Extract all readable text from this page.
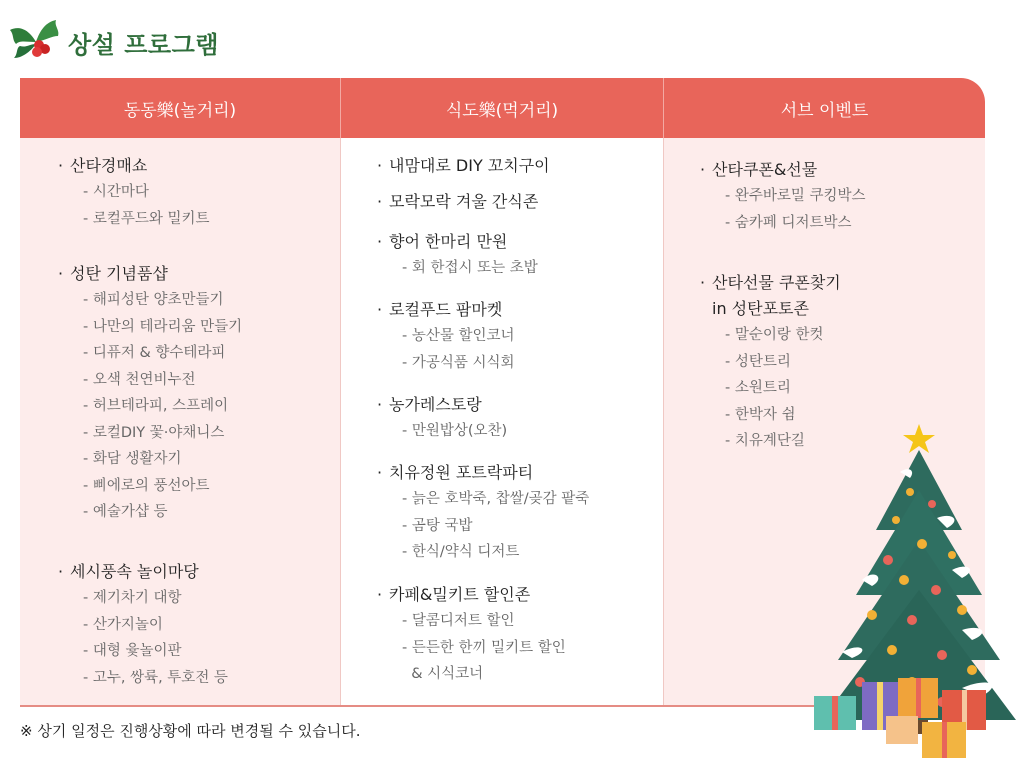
상설 프로그램
동동樂(놀거리)	식도樂(먹거리)	서브 이벤트
· 산타경매쇼
- 시간마다
- 로컬푸드와 밀키트
· 성탄 기념품샵
- 해피성탄 양초만들기
- 나만의 테라리움 만들기
- 디퓨저 & 향수테라피
- 오색 천연비누전
- 허브테라피, 스프레이
- 로컬DIY 꽃·야채니스
- 화담 생활자기
- 삐에로의 풍선아트
- 예술가샵 등
· 세시풍속 놀이마당
- 제기차기 대항
- 산가지놀이
- 대형 윷놀이판
- 고누, 쌍륙, 투호전 등
· 내맘대로 DIY 꼬치구이
· 모락모락 겨울 간식존
· 향어 한마리 만원
- 회 한접시 또는 초밥
· 로컬푸드 팜마켓
- 농산물 할인코너
- 가공식품 시식회
· 농가레스토랑
- 만원밥상(오찬)
· 치유정원 포트락파티
- 늙은 호박죽, 찹쌀/곶감 팥죽
- 곰탕 국밥
- 한식/약식 디저트
· 카페&밀키트 할인존
- 달콤디저트 할인
- 든든한 한끼 밀키트 할인
& 시식코너
· 산타쿠폰&선물
- 완주바로밀 쿠킹박스
- 숨카페 디저트박스
· 산타선물 쿠폰찾기
in 성탄포토존
- 말순이랑 한컷
- 성탄트리
- 소원트리
- 한박자 쉼
- 치유계단길
※ 상기 일정은 진행상황에 따라 변경될 수 있습니다.
